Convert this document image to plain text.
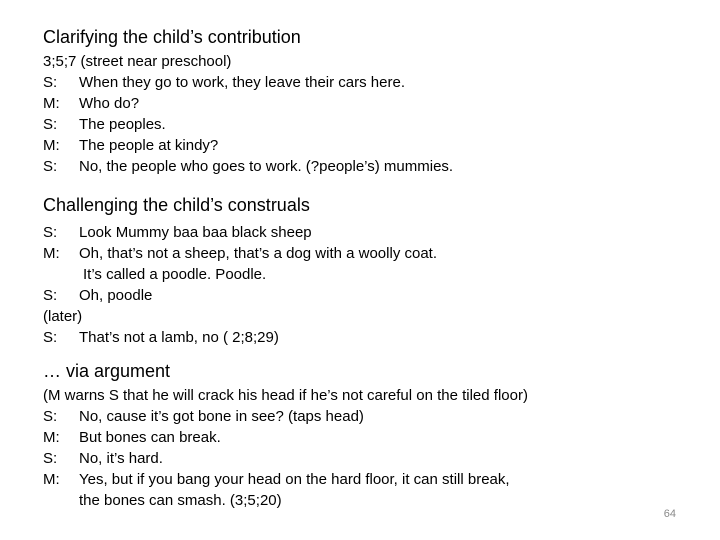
Clarifying the child’s contribution
3;5;7 (street near preschool)
S: When they go to work, they leave their cars here.
M: Who do?
S: The peoples.
M: The people at kindy?
S: No, the people who goes to work. (?people’s) mummies.
Challenging the child’s construals
S: Look Mummy baa baa black sheep
M: Oh, that’s not a sheep, that’s a dog with a woolly coat.
It’s called a poodle. Poodle.
S: Oh, poodle
(later)
S: That’s not a lamb, no ( 2;8;29)
… via argument
(M warns S that he will crack his head if he’s not careful on the tiled floor)
S: No, cause it’s got bone in see? (taps head)
M: But bones can break.
S: No, it’s hard.
M: Yes, but if you bang your head on the hard floor, it can still break,
the bones can smash. (3;5;20)
64
